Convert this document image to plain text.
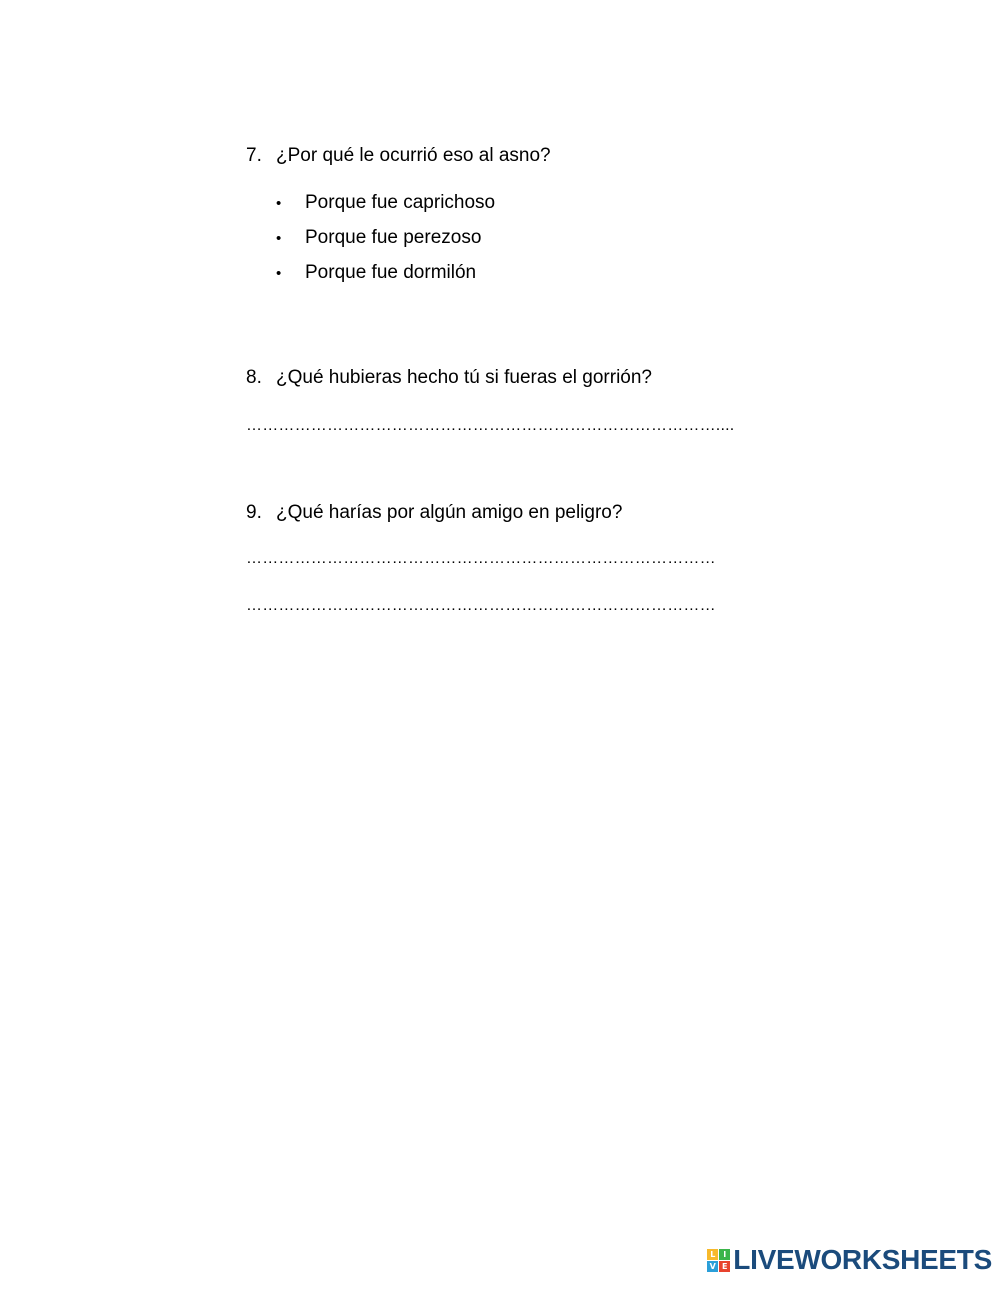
7. ¿Por qué le ocurrió eso al asno?
• Porque fue caprichoso
• Porque fue perezoso
• Porque fue dormilón
8. ¿Qué hubieras hecho tú si fueras el gorrión?
……………………………………………………………………………....
9. ¿Qué harías por algún amigo en peligro?
……………………………………………………………………………
……………………………………………………………………………
L I
V E LIVEWORKSHEETS
